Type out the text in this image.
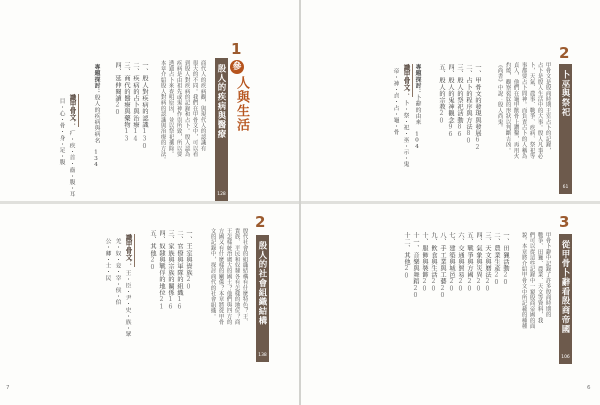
1
參
人與生活
殷人的疾病與醫療
128
商代人的疾病觀，與現代人的認識有
很大的不同。我們在甲骨文中，可以看
到殷人對疾病的記錄和占卜。殷人認為
疾病是由祖先或鬼神作祟所致，所以要
透過占卜來查明原因，並以祭祀禳除。
本章介紹殷人對病的認識與治療的方法。
一、殷人對疾病的認識130
二、疾病的占卜與治療14
三、商代的醫療與藥物13
四、延伸閱讀20
專題探討：殷人的疾病與病名 134
識甲骨文：
疒・疾・首・齒・腹・耳
目・心・骨・身・足・腹
2
殷人的社會組織結構
138
殷代社會的組織結構有什麼特色？王、
貴族、平民和奴隸各有怎樣的地位？商
王怎樣統治廣大的國土？他們與四方的
方國又有什麼樣的關係？本章將從甲骨
文的記錄中，探討商代的社會組織。
一、王室與貴族20
二、官僚與軍隊的組織16
三、家族與宗族的關係16
四、奴隸與戰俘的地位21
五、其他20
識甲骨文：
王・臣・尹・史・族・眾
羌・奴・妾・宰・侯・伯
公・卿・士・民
7
2
卜巫與祭祀
61
甲骨文是殷商時期王室占卜的記錄，
占卜是殷人生活中的大事。殷人凡事必
卜，天氣、農事、戰爭、疾病、祭祀等
事都要占卜問神。而負責占卜的人稱為
貞人，他們在龜甲獸骨上鑽鑿，再用火
灼燒，觀察裂紋的形狀以判斷吉凶。
《尚書》中說：殷人尚鬼。
一、甲骨文的發現與發展62
二、占卜的程序與方法80
三、殷人的祭祀活動86
四、殷人的鬼神觀念96
五、殷人的宗教20
專題探討：卜辭的由來 104
識甲骨文：
卜・祭・祀・巫・示・鬼
帝・神・貞・占・龜・骨
3
從甲骨卜辭看殷商帝國
106
甲骨卜辭中記錄了許多殷商時期的
戰爭、田獵、農業、天文等資料，我
們可以從這些記錄中一窺殷商帝國的面
貌。本章將介紹甲骨文中所記載的種種
一、田獵活動20
二、農業生產20
三、天文與曆法20
四、氣象與災異20
五、戰爭與方國20
六、交通與貿易20
七、建築與城邑20
八、手工業與工藝20
九、飲食與生活20
十、服飾與裝飾20
十一、音樂與舞蹈20
十二、其他20
6
